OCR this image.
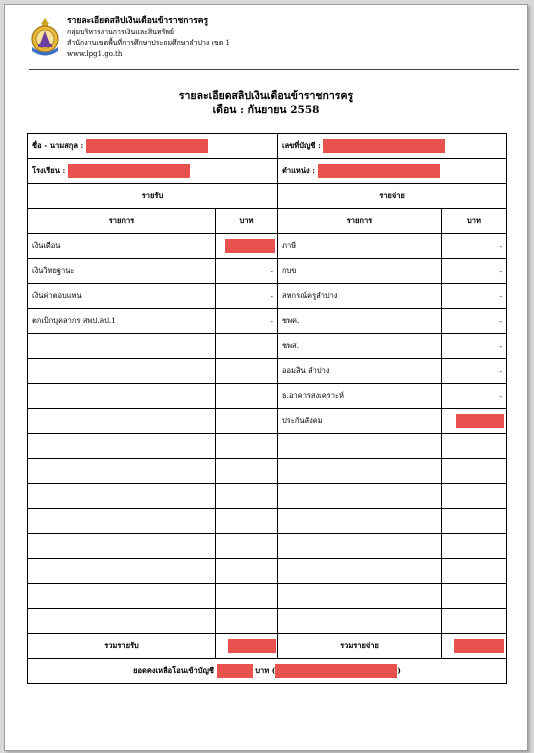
รายละเอียดสลิปเงินเดือนข้าราชการครู
กลุ่มบริหารงานการเงินและสินทรัพย์
สำนักงานเขตพื้นที่การศึกษาประถมศึกษาลำปาง เขต 1
www.lpg1.go.th
รายละเอียดสลิปเงินเดือนข้าราชการครู
เดือน : กันยายน 2558
ชื่อ - นามสกุล :		เลขที่บัญชี :	
โรงเรียน :		ตำแหน่ง :	
รายรับ		รายจ่าย	
รายการ	บาท	รายการ	บาท
เงินเดือน		ภาษี	-
เงินวิทยฐานะ	-	กบข	-
เงินค่าตอบแทน	-	สหกรณ์ครูลำปาง	-
ตกเบิกบุคลากร สพป.ลป.1	-	ชพค.	-
		ชพส.	-
		ออมสิน ลำปาง	-
		ธ.อาคารสงเคราะห์	-
		ประกันสังคม	

รวมรายรับ		รวมรายจ่าย	

ยอดคงเหลือโอนเข้าบัญชี บาท ( )			
